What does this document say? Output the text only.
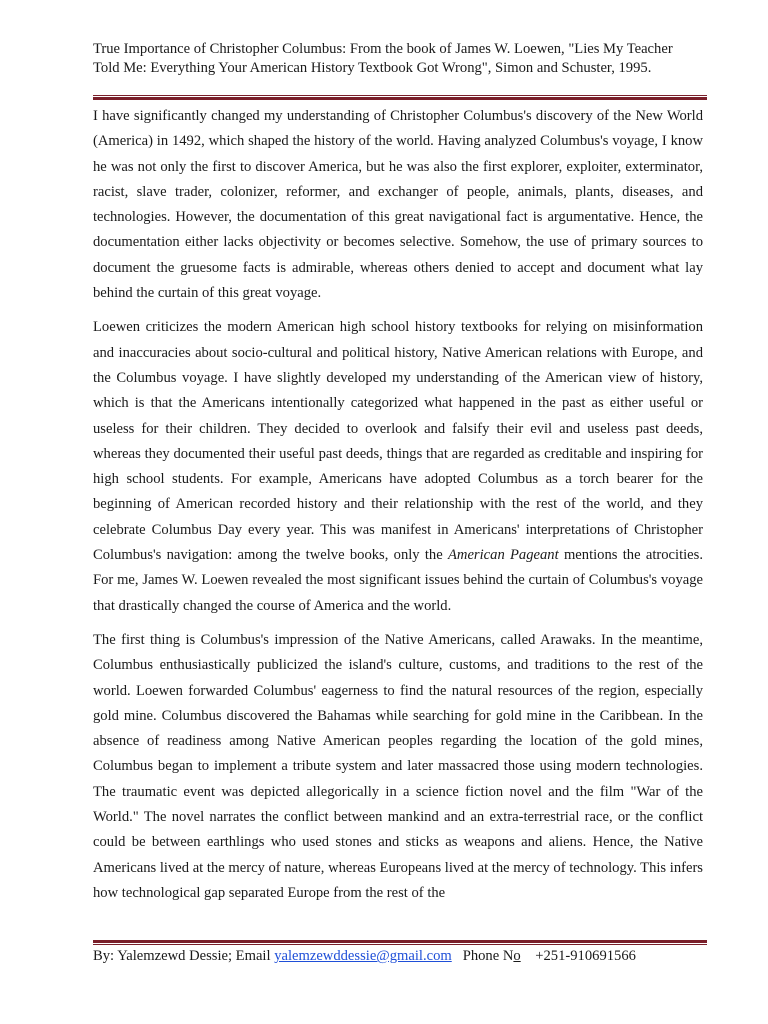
True Importance of Christopher Columbus: From the book of James W. Loewen, "Lies My Teacher Told Me: Everything Your American History Textbook Got Wrong", Simon and Schuster, 1995.

I have significantly changed my understanding of Christopher Columbus's discovery of the New World (America) in 1492, which shaped the history of the world. Having analyzed Columbus's voyage, I know he was not only the first to discover America, but he was also the first explorer, exploiter, exterminator, racist, slave trader, colonizer, reformer, and exchanger of people, animals, plants, diseases, and technologies. However, the documentation of this great navigational fact is argumentative. Hence, the documentation either lacks objectivity or becomes selective. Somehow, the use of primary sources to document the gruesome facts is admirable, whereas others denied to accept and document what lay behind the curtain of this great voyage.

Loewen criticizes the modern American high school history textbooks for relying on misinformation and inaccuracies about socio-cultural and political history, Native American relations with Europe, and the Columbus voyage. I have slightly developed my understanding of the American view of history, which is that the Americans intentionally categorized what happened in the past as either useful or useless for their children. They decided to overlook and falsify their evil and useless past deeds, whereas they documented their useful past deeds, things that are regarded as creditable and inspiring for high school students. For example, Americans have adopted Columbus as a torch bearer for the beginning of American recorded history and their relationship with the rest of the world, and they celebrate Columbus Day every year. This was manifest in Americans' interpretations of Christopher Columbus's navigation: among the twelve books, only the American Pageant mentions the atrocities. For me, James W. Loewen revealed the most significant issues behind the curtain of Columbus's voyage that drastically changed the course of America and the world.

The first thing is Columbus's impression of the Native Americans, called Arawaks. In the meantime, Columbus enthusiastically publicized the island's culture, customs, and traditions to the rest of the world. Loewen forwarded Columbus' eagerness to find the natural resources of the region, especially gold mine. Columbus discovered the Bahamas while searching for gold mine in the Caribbean. In the absence of readiness among Native American peoples regarding the location of the gold mines, Columbus began to implement a tribute system and later massacred those using modern technologies. The traumatic event was depicted allegorically in a science fiction novel and the film "War of the World." The novel narrates the conflict between mankind and an extra-terrestrial race, or the conflict could be between earthlings who used stones and sticks as weapons and aliens. Hence, the Native Americans lived at the mercy of nature, whereas Europeans lived at the mercy of technology. This infers how technological gap separated Europe from the rest of the

By: Yalemzewd Dessie; Email yalemzewddessie@gmail.com Phone No +251-910691566
